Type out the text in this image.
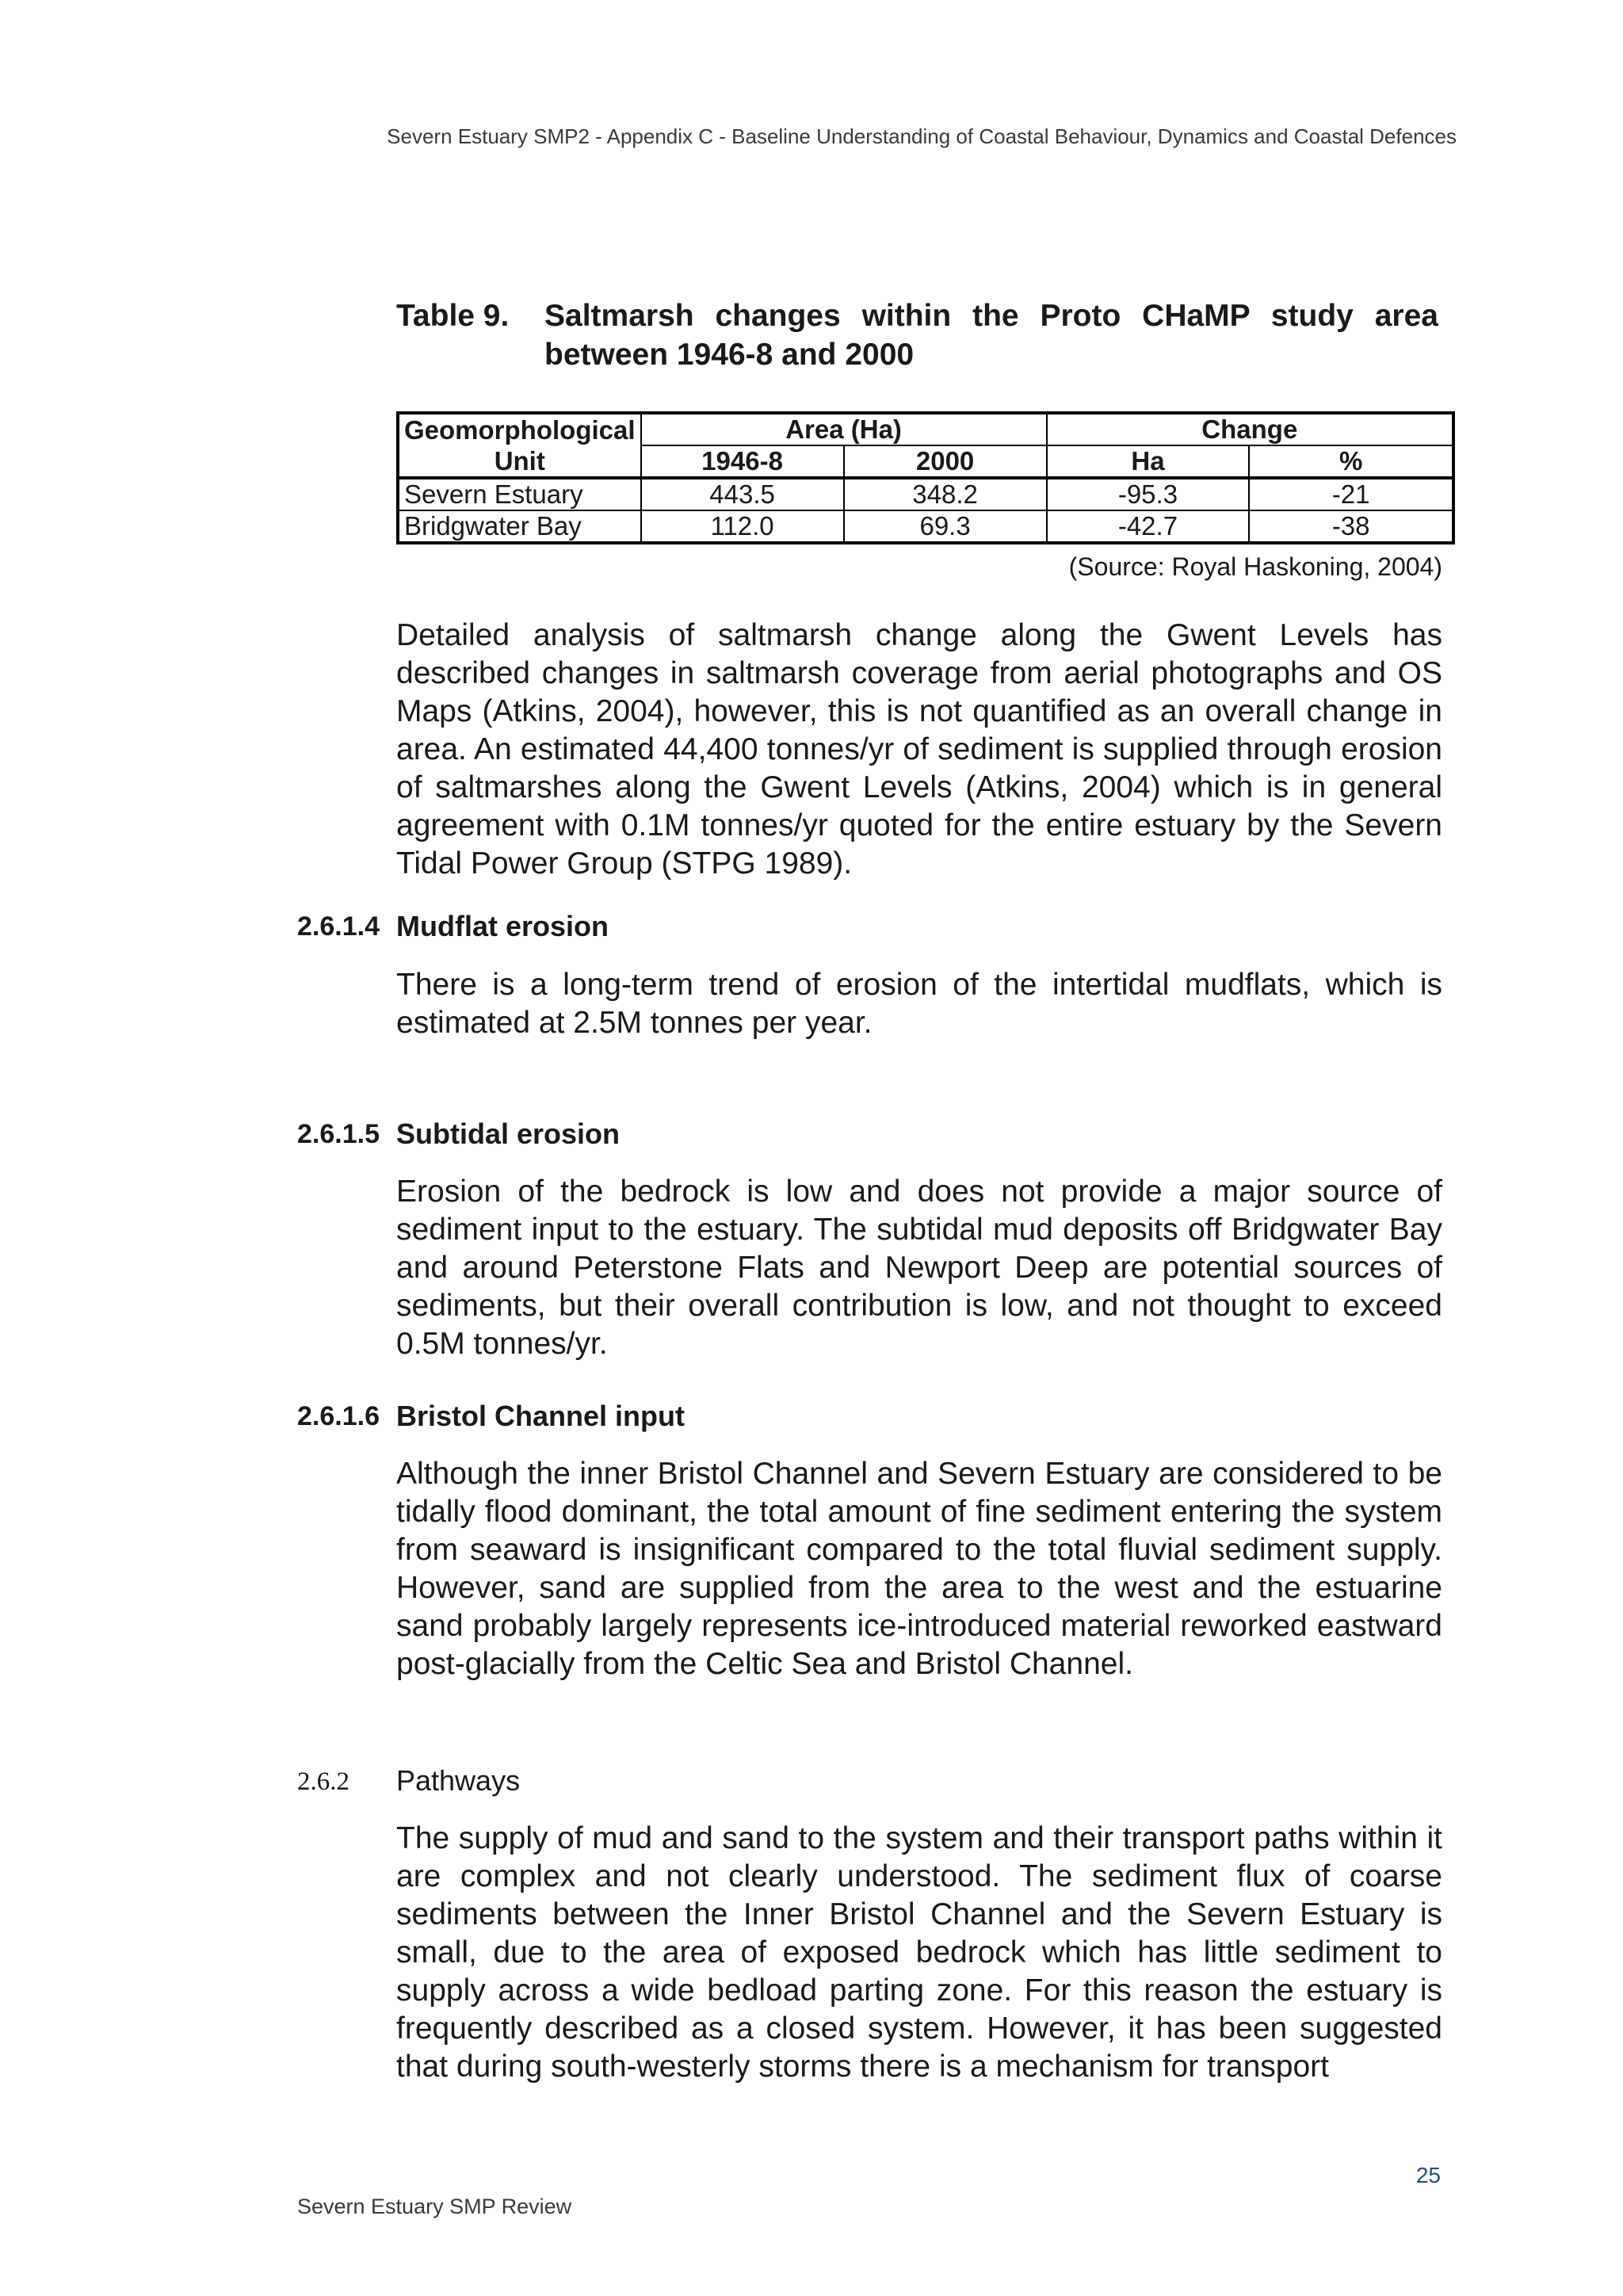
Severn Estuary SMP2 - Appendix C - Baseline Understanding of Coastal Behaviour, Dynamics and Coastal Defences
Table 9. Saltmarsh changes within the Proto CHaMP study area between 1946-8 and 2000
Geomorphological	Area (Ha)		Change	
Unit	1946-8	2000	Ha	%
Severn Estuary	443.5	348.2	-95.3	-21
Bridgwater Bay	112.0	69.3	-42.7	-38
(Source: Royal Haskoning, 2004)

Detailed analysis of saltmarsh change along the Gwent Levels has described changes in saltmarsh coverage from aerial photographs and OS Maps (Atkins, 2004), however, this is not quantified as an overall change in area. An estimated 44,400 tonnes/yr of sediment is supplied through erosion of saltmarshes along the Gwent Levels (Atkins, 2004) which is in general agreement with 0.1M tonnes/yr quoted for the entire estuary by the Severn Tidal Power Group (STPG 1989).

2.6.1.4 Mudflat erosion

There is a long-term trend of erosion of the intertidal mudflats, which is estimated at 2.5M tonnes per year.

2.6.1.5 Subtidal erosion

Erosion of the bedrock is low and does not provide a major source of sediment input to the estuary. The subtidal mud deposits off Bridgwater Bay and around Peterstone Flats and Newport Deep are potential sources of sediments, but their overall contribution is low, and not thought to exceed 0.5M tonnes/yr.

2.6.1.6 Bristol Channel input

Although the inner Bristol Channel and Severn Estuary are considered to be tidally flood dominant, the total amount of fine sediment entering the system from seaward is insignificant compared to the total fluvial sediment supply. However, sand are supplied from the area to the west and the estuarine sand probably largely represents ice-introduced material reworked eastward post-glacially from the Celtic Sea and Bristol Channel.

2.6.2 Pathways

The supply of mud and sand to the system and their transport paths within it are complex and not clearly understood. The sediment flux of coarse sediments between the Inner Bristol Channel and the Severn Estuary is small, due to the area of exposed bedrock which has little sediment to supply across a wide bedload parting zone. For this reason the estuary is frequently described as a closed system. However, it has been suggested that during south-westerly storms there is a mechanism for transport

25
Severn Estuary SMP Review
